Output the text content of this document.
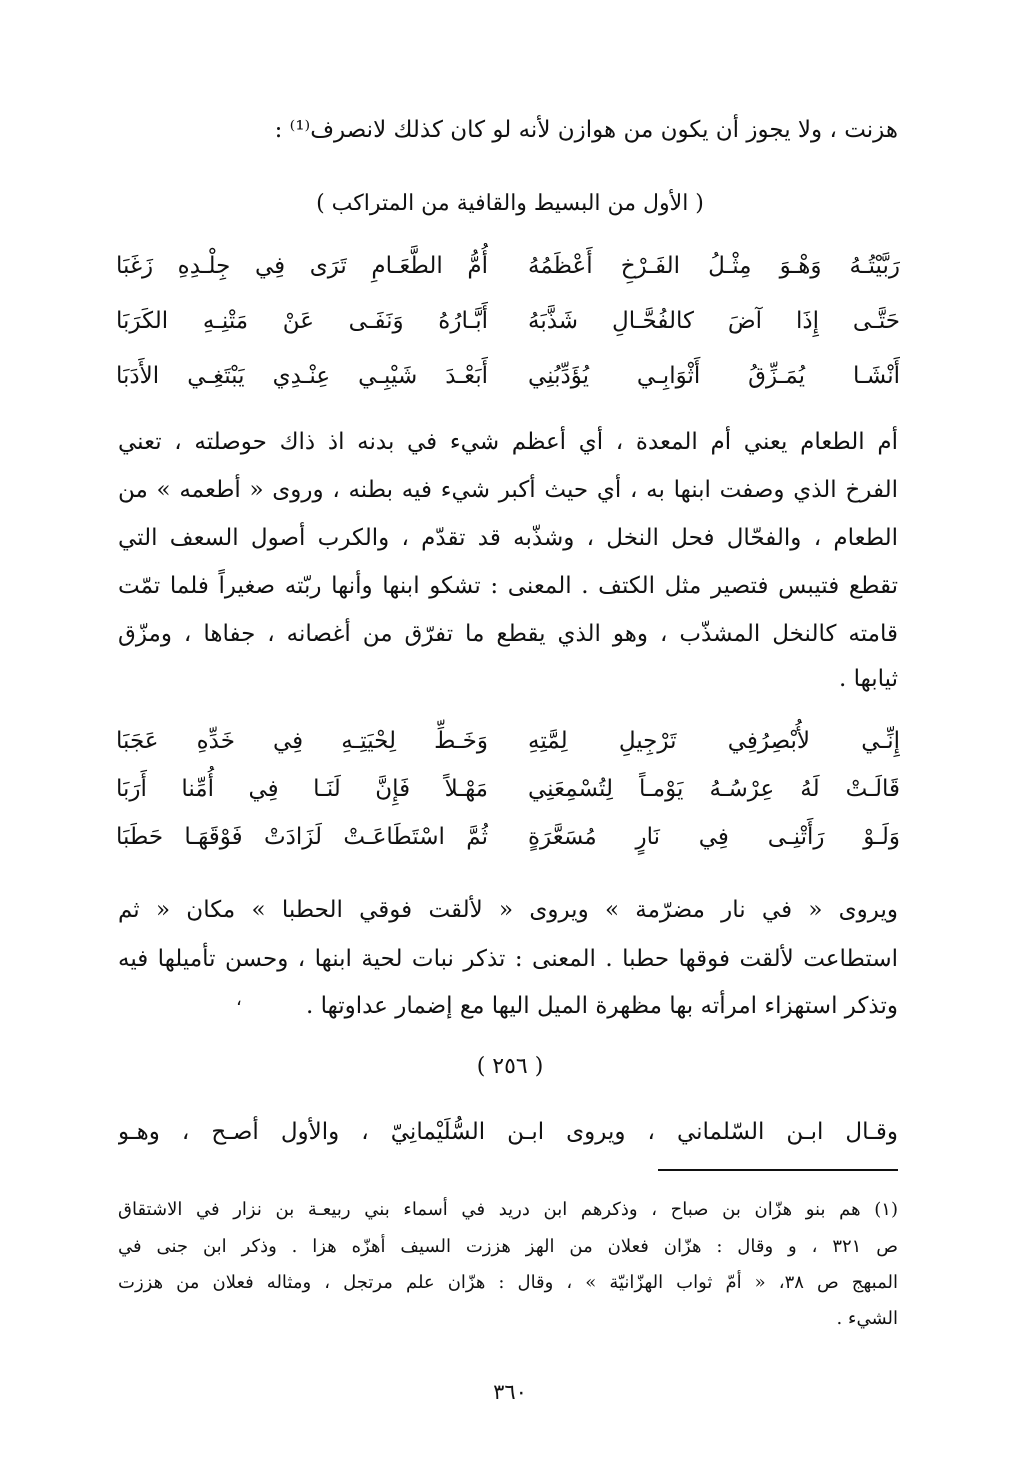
هزنت ، ولا يجوز أن يكون من هوازن لأنه لو كان كذلك لانصرف⁽¹⁾ :
( الأول من البسيط والقافية من المتراكب )
رَبَّيْتُـهُ وَهْـوَ مِثْـلُ الفَـرْخِ أَعْظَمُهُ
أُمُّ الطَّعَـامِ تَرَى فِي جِلْـدِهِ زَغَبَا
حَتَّـى إِذَا آضَ كالفُحَّـالِ شَذَّبَهُ
أَبَّـارُهُ وَنَفَـى عَنْ مَتْنِـهِ الكَرَبَا
أَنْشَـا يُمَـزِّقُ أَثْوَابِـي يُؤَدِّبُنِي
أَبَعْـدَ شَيْبِـي عِنْـدِي يَبْتَغِـي الأَدَبَا
أم الطعام يعني أم المعدة ، أي أعظم شيء في بدنه اذ ذاك حوصلته ، تعني
الفرخ الذي وصفت ابنها به ، أي حيث أكبر شيء فيه بطنه ، وروى « أطعمه » من
الطعام ، والفحّال فحل النخل ، وشذّبه قد تقدّم ، والكرب أصول السعف التي
تقطع فتيبس فتصير مثل الكتف . المعنى : تشكو ابنها وأنها ربّته صغيراً فلما تمّت
قامته كالنخل المشذّب ، وهو الذي يقطع ما تفرّق من أغصانه ، جفاها ، ومزّق
ثيابها .
إِنِّـي لأُبْصِرُفِي تَرْجِيلِ لِمَّتِهِ
وَخَـطِّ لِحْيَتِـهِ فِي خَدِّهِ عَجَبَا
قَالَـتْ لَهُ عِرْسُـهُ يَوْمـاً لِتُسْمِعَنِي
مَهْـلاً فَإِنَّ لَنَـا فِي أُمِّنا أَرَبَا
وَلَـوْ رَأَتْنِـى فِي نَارٍ مُسَعَّرَةٍ
ثُمَّ اسْتَطَاعَـتْ لَزَادَتْ فَوْقَهَـا حَطَبَا
ويروى « في نار مضرّمة » ويروى « لألقت فوقي الحطبا » مكان « ثم
استطاعت لألقت فوقها حطبا . المعنى : تذكر نبات لحية ابنها ، وحسن تأميلها فيه
وتذكر استهزاء امرأته بها مظهرة الميل اليها مع إضمار عداوتها .
،
( ٢٥٦ )
وقـال ابـن السّلماني ، ويروى ابـن السُّلَيْمانِيّ ، والأول أصـح ، وهـو
(١) هم بنو هزّان بن صباح ، وذكرهم ابن دريد في أسماء بني ربيعـة بن نزار في الاشتقاق
ص ٣٢١ ، و وقال : هزّان فعلان من الهز هززت السيف أهزّه هزا . وذكر ابن جنى في
المبهج ص ٣٨، « أمّ ثواب الهزّانيّة » ، وقال : هزّان علم مرتجل ، ومثاله فعلان من هززت
الشيء .
٣٦٠
